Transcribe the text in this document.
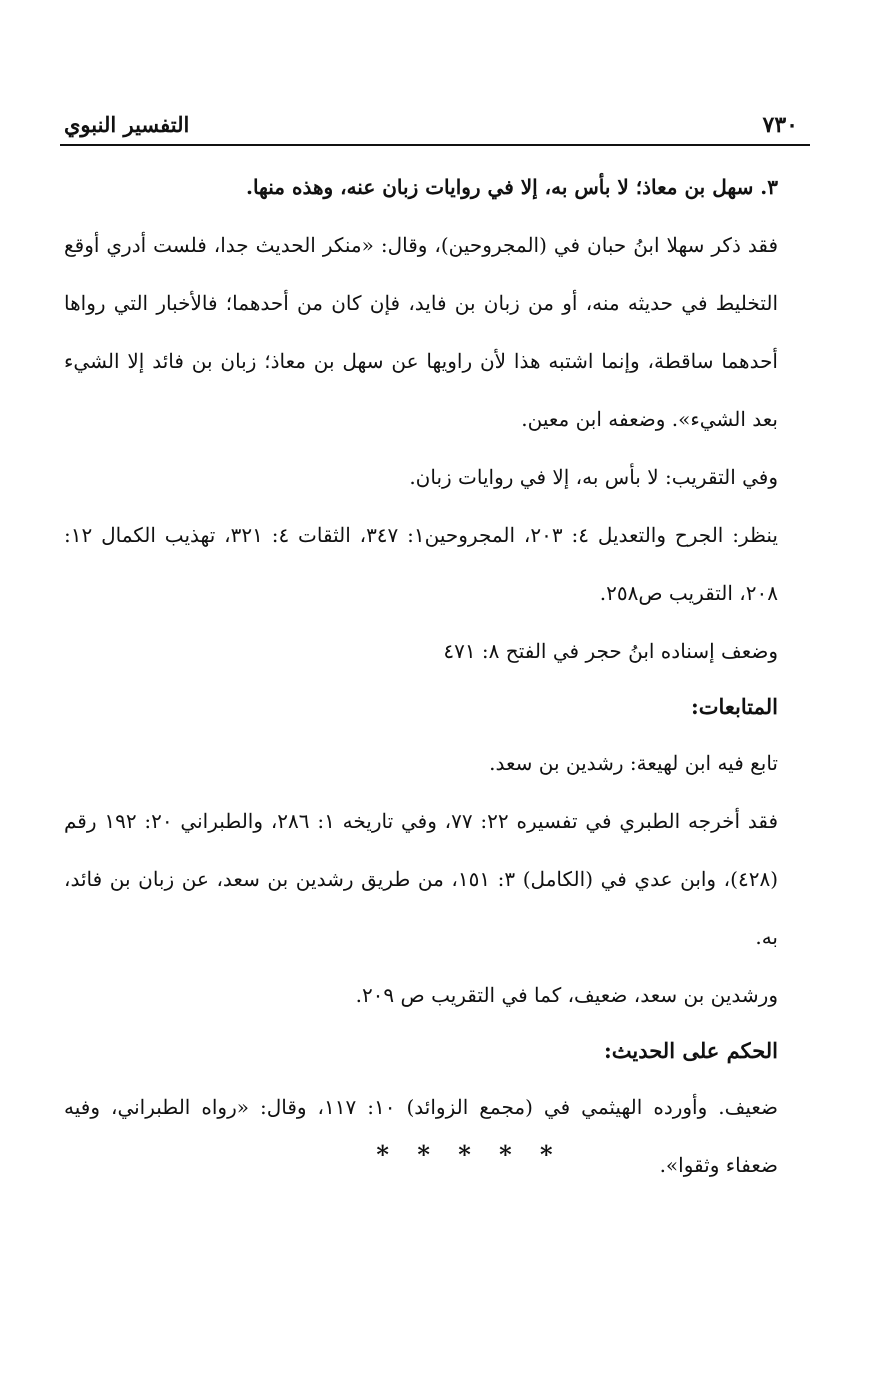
التفسير النبوي	٧٣٠

٣. سهل بن معاذ؛ لا بأس به، إلا في روايات زبان عنه، وهذه منها.

فقد ذكر سهلا ابنُ حبان في (المجروحين)، وقال: «منكر الحديث جدا، فلست أدري أوقع التخليط في حديثه منه، أو من زبان بن فايد، فإن كان من أحدهما؛ فالأخبار التي رواها أحدهما ساقطة، وإنما اشتبه هذا لأن راويها عن سهل بن معاذ؛ زبان بن فائد إلا الشيء بعد الشيء». وضعفه ابن معين.

وفي التقريب: لا بأس به، إلا في روايات زبان.

ينظر: الجرح والتعديل ٤: ٢٠٣، المجروحين١: ٣٤٧، الثقات ٤: ٣٢١، تهذيب الكمال ١٢: ٢٠٨، التقريب ص٢٥٨.

وضعف إسناده ابنُ حجر في الفتح ٨: ٤٧١

المتابعات:

تابع فيه ابن لهيعة: رشدين بن سعد.

فقد أخرجه الطبري في تفسيره ٢٢: ٧٧، وفي تاريخه ١: ٢٨٦، والطبراني ٢٠: ١٩٢ رقم (٤٢٨)، وابن عدي في (الكامل) ٣: ١٥١، من طريق رشدين بن سعد، عن زبان بن فائد، به.

ورشدين بن سعد، ضعيف، كما في التقريب ص ٢٠٩.

الحكم على الحديث:

ضعيف. وأورده الهيثمي في (مجمع الزوائد) ١٠: ١١٧، وقال: «رواه الطبراني، وفيه ضعفاء وثقوا».

* * * * *
